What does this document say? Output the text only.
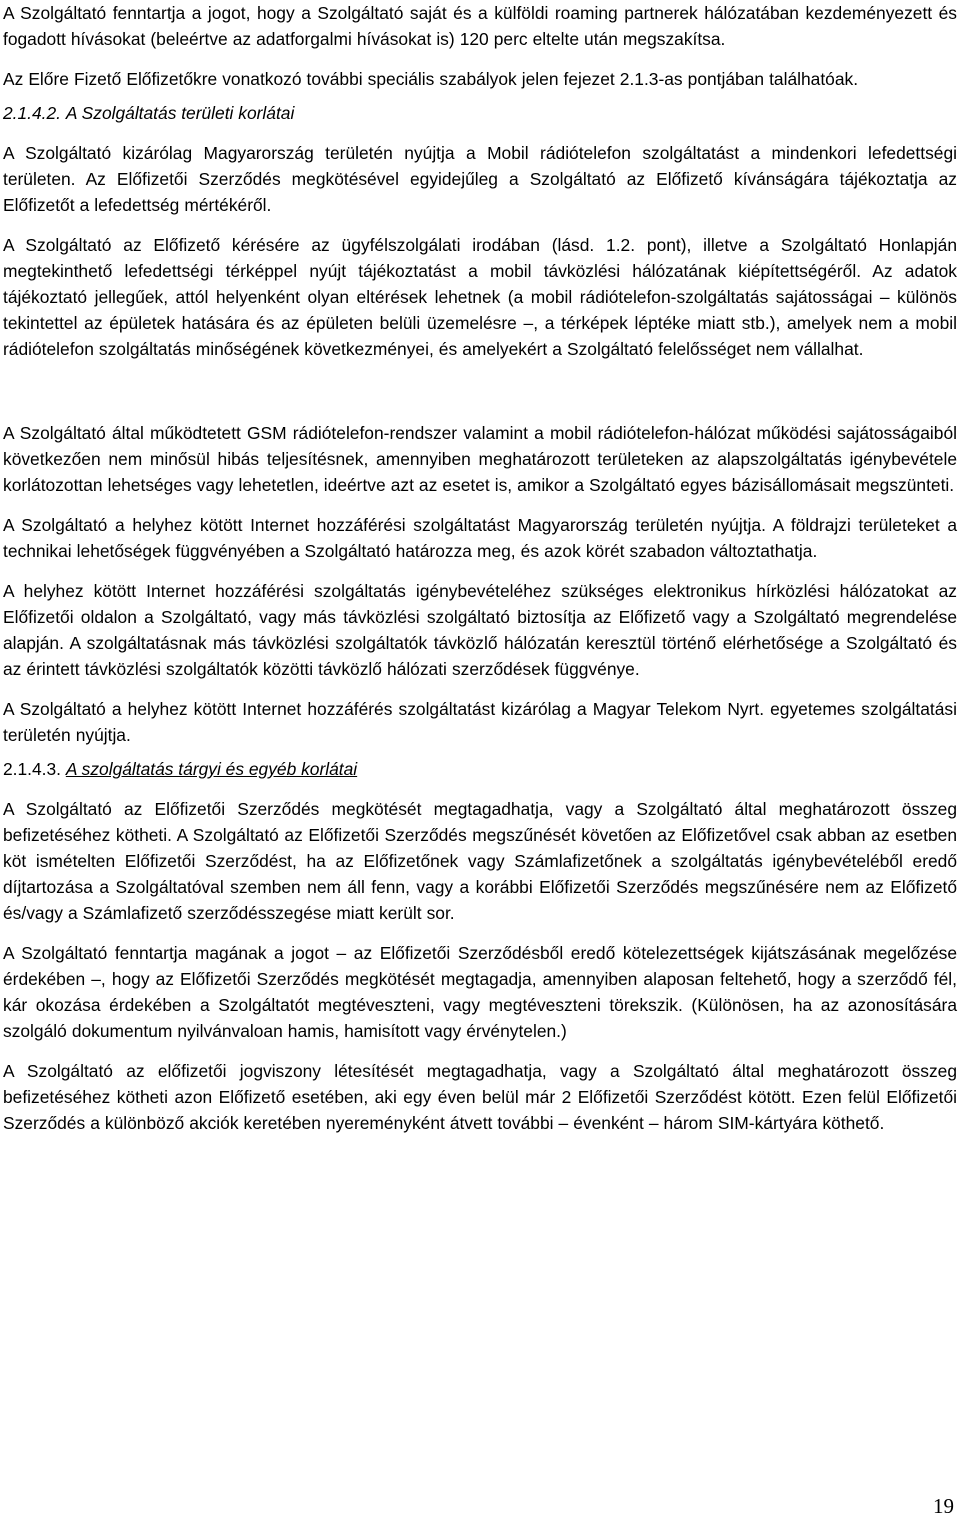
A Szolgáltató fenntartja a jogot, hogy a Szolgáltató saját és a külföldi roaming partnerek hálózatában kezdeményezett és fogadott hívásokat (beleértve az adatforgalmi hívásokat is) 120 perc eltelte után megszakítsa.

Az Előre Fizető Előfizetőkre vonatkozó további speciális szabályok jelen fejezet 2.1.3-as pontjában találhatóak.

2.1.4.2. A Szolgáltatás területi korlátai

A Szolgáltató kizárólag Magyarország területén nyújtja a Mobil rádiótelefon szolgáltatást a mindenkori lefedettségi területen. Az Előfizetői Szerződés megkötésével egyidejűleg a Szolgáltató az Előfizető kívánságára tájékoztatja az Előfizetőt a lefedettség mértékéről.

A Szolgáltató az Előfizető kérésére az ügyfélszolgálati irodában (lásd. 1.2. pont), illetve a Szolgáltató Honlapján megtekinthető lefedettségi térképpel nyújt tájékoztatást a mobil távközlési hálózatának kiépítettségéről. Az adatok tájékoztató jellegűek, attól helyenként olyan eltérések lehetnek (a mobil rádiótelefon-szolgáltatás sajátosságai – különös tekintettel az épületek hatására és az épületen belüli üzemelésre –, a térképek léptéke miatt stb.), amelyek nem a mobil rádiótelefon szolgáltatás minőségének következményei, és amelyekért a Szolgáltató felelősséget nem vállalhat.

A Szolgáltató által működtetett GSM rádiótelefon-rendszer valamint a mobil rádiótelefon-hálózat működési sajátosságaiból következően nem minősül hibás teljesítésnek, amennyiben meghatározott területeken az alapszolgáltatás igénybevétele korlátozottan lehetséges vagy lehetetlen, ideértve azt az esetet is, amikor a Szolgáltató egyes bázisállomásait megszünteti.

A Szolgáltató a helyhez kötött Internet hozzáférési szolgáltatást Magyarország területén nyújtja. A földrajzi területeket a technikai lehetőségek függvényében a Szolgáltató határozza meg, és azok körét szabadon változtathatja.

A helyhez kötött Internet hozzáférési szolgáltatás igénybevételéhez szükséges elektronikus hírközlési hálózatokat az Előfizetői oldalon a Szolgáltató, vagy más távközlési szolgáltató biztosítja az Előfizető vagy a Szolgáltató megrendelése alapján. A szolgáltatásnak más távközlési szolgáltatók távközlő hálózatán keresztül történő elérhetősége a Szolgáltató és az érintett távközlési szolgáltatók közötti távközlő hálózati szerződések függvénye.

A Szolgáltató a helyhez kötött Internet hozzáférés szolgáltatást kizárólag a Magyar Telekom Nyrt. egyetemes szolgáltatási területén nyújtja.

2.1.4.3. A szolgáltatás tárgyi és egyéb korlátai

A Szolgáltató az Előfizetői Szerződés megkötését megtagadhatja, vagy a Szolgáltató által meghatározott összeg befizetéséhez kötheti. A Szolgáltató az Előfizetői Szerződés megszűnését követően az Előfizetővel csak abban az esetben köt ismételten Előfizetői Szerződést, ha az Előfizetőnek vagy Számlafizetőnek a szolgáltatás igénybevételéből eredő díjtartozása a Szolgáltatóval szemben nem áll fenn, vagy a korábbi Előfizetői Szerződés megszűnésére nem az Előfizető és/vagy a Számlafizető szerződésszegése miatt került sor.

A Szolgáltató fenntartja magának a jogot – az Előfizetői Szerződésből eredő kötelezettségek kijátszásának megelőzése érdekében –, hogy az Előfizetői Szerződés megkötését megtagadja, amennyiben alaposan feltehető, hogy a szerződő fél, kár okozása érdekében a Szolgáltatót megtéveszteni, vagy megtéveszteni törekszik. (Különösen, ha az azonosítására szolgáló dokumentum nyilvánvaloan hamis, hamisított vagy érvénytelen.)

A Szolgáltató az előfizetői jogviszony létesítését megtagadhatja, vagy a Szolgáltató által meghatározott összeg befizetéséhez kötheti azon Előfizető esetében, aki egy éven belül már 2 Előfizetői Szerződést kötött. Ezen felül Előfizetői Szerződés a különböző akciók keretében nyereményként átvett további – évenként – három SIM-kártyára köthető.

19
